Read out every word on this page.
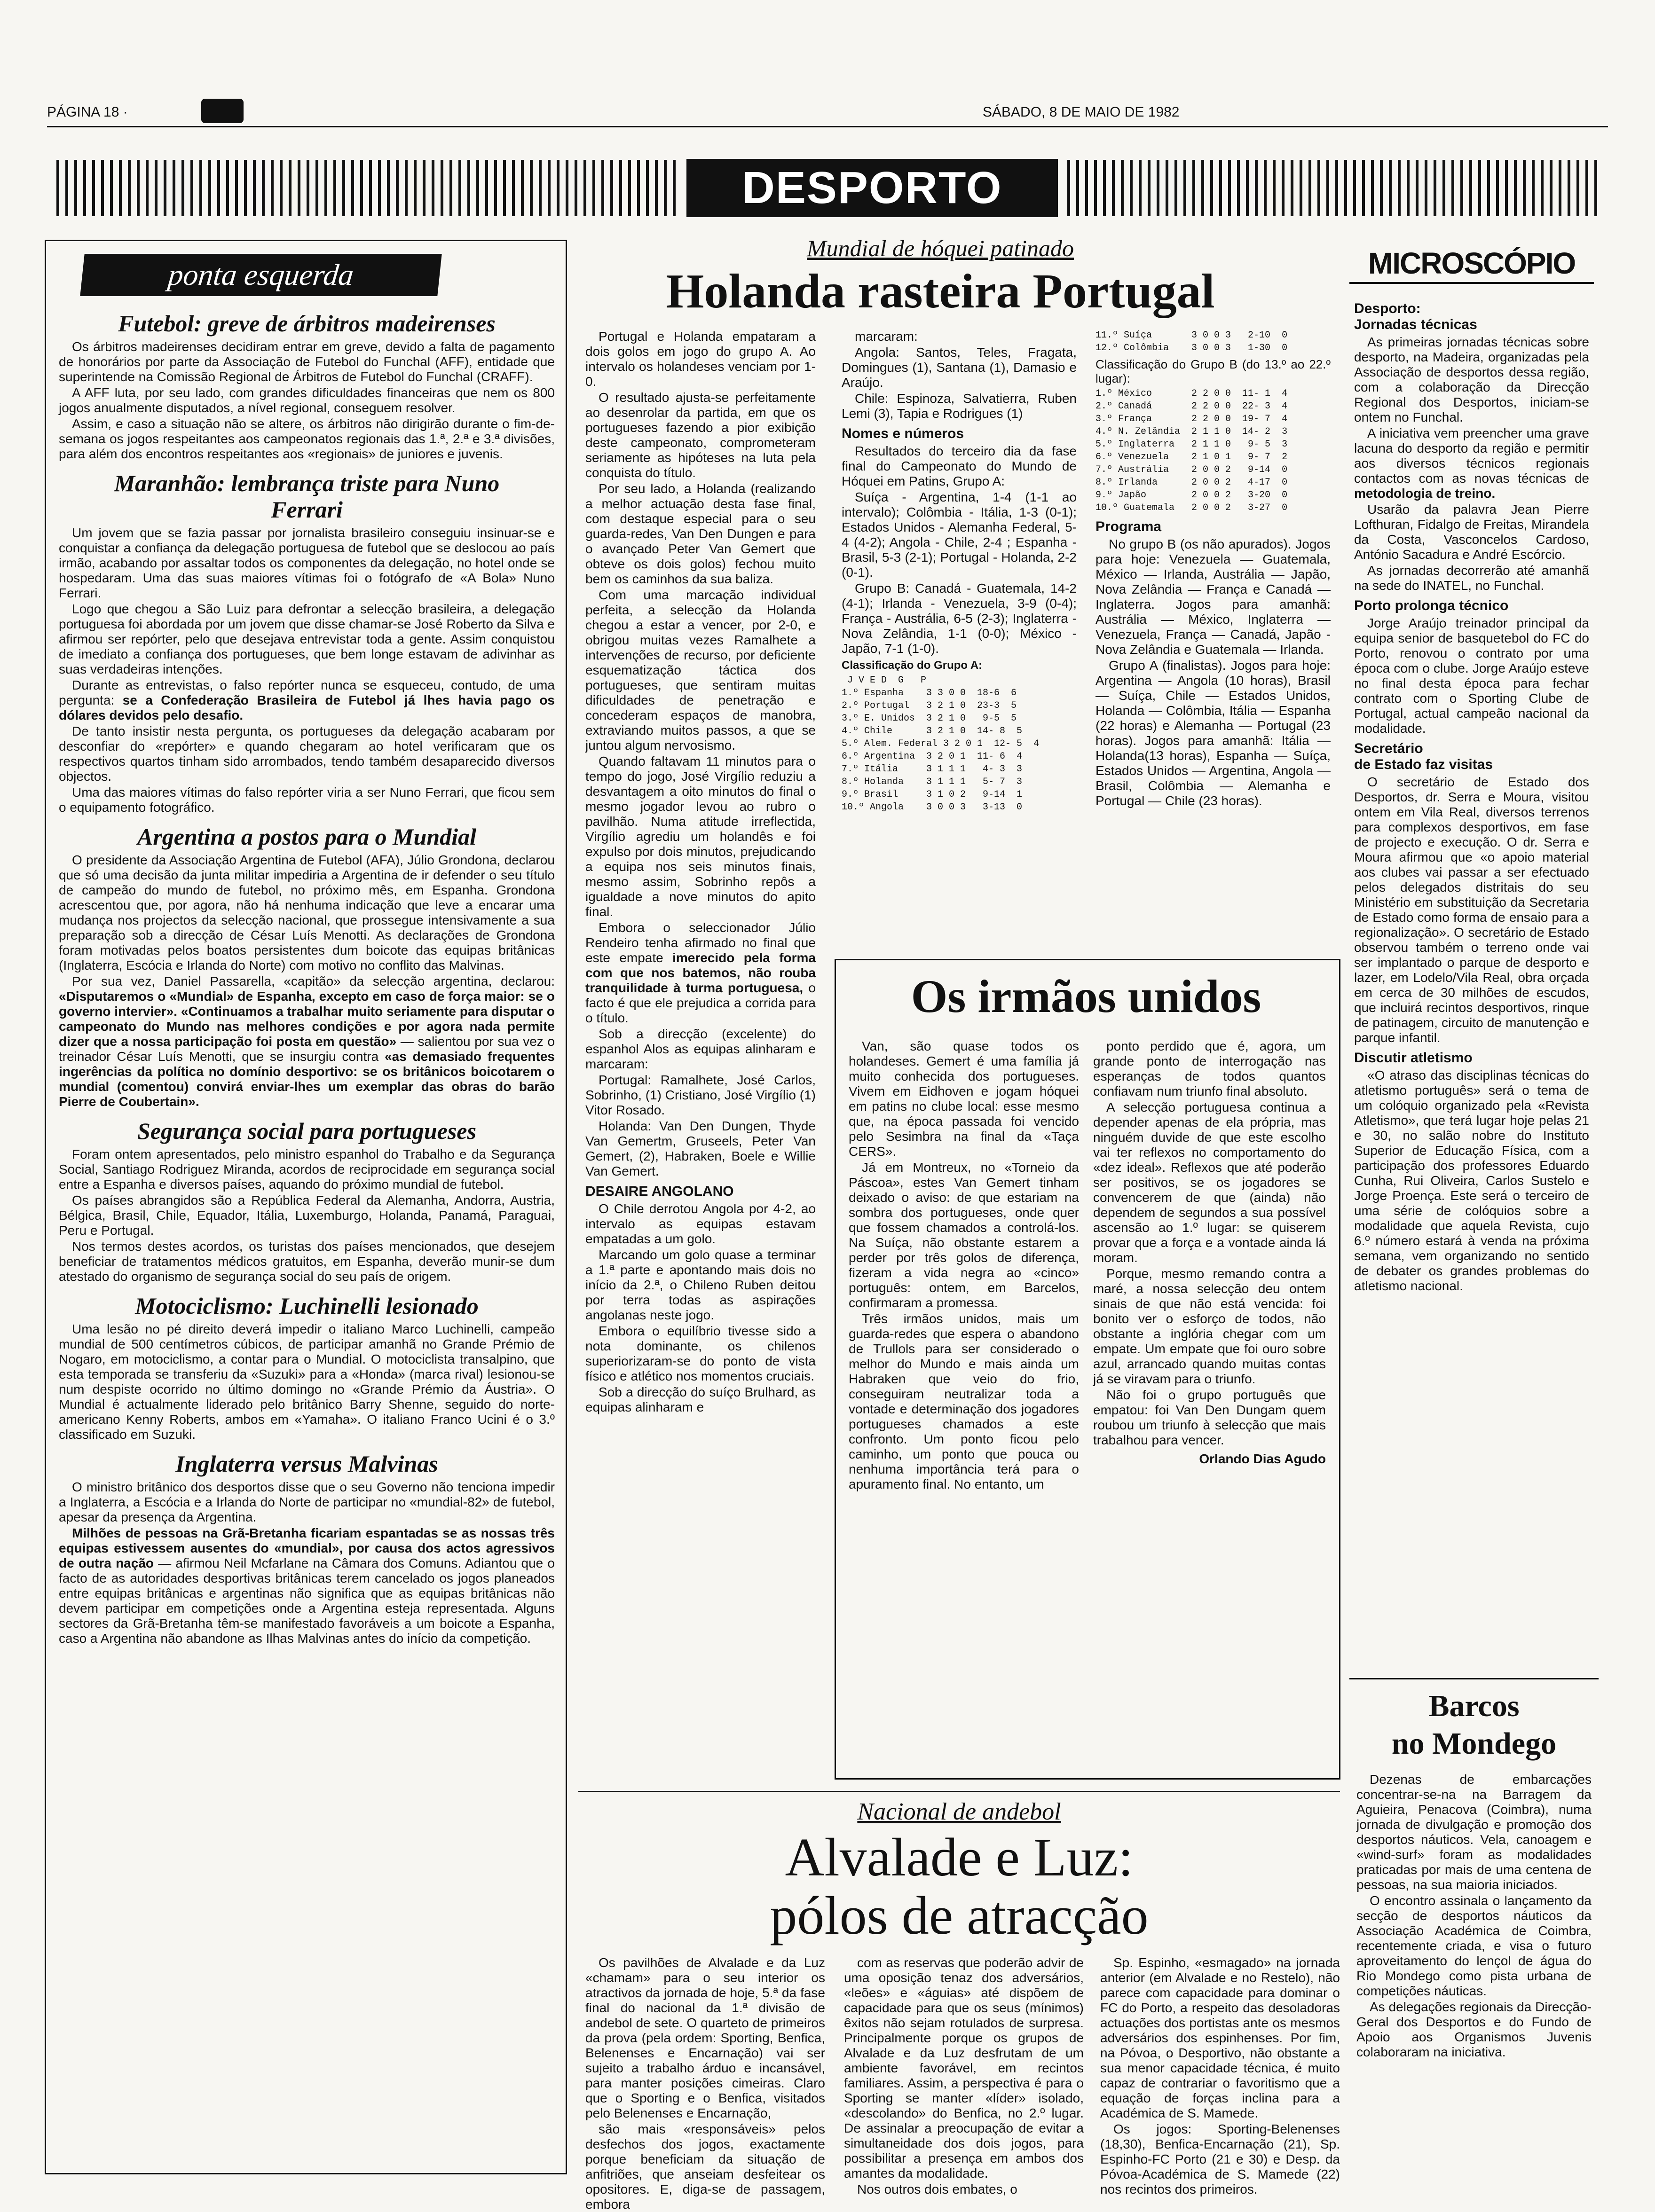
PÁGINA 18 ·	SÁBADO, 8 DE MAIO DE 1982
DESPORTO
ponta esquerda
Futebol: greve de árbitros madeirenses

Os árbitros madeirenses decidiram entrar em greve, devido a falta de pagamento de honorários por parte da Associação de Futebol do Funchal (AFF), entidade que superintende na Comissão Regional de Árbitros de Futebol do Funchal (CRAFF).

A AFF luta, por seu lado, com grandes dificuldades financeiras que nem os 800 jogos anualmente disputados, a nível regional, conseguem resolver.

Assim, e caso a situação não se altere, os árbitros não dirigirão durante o fim-de-semana os jogos respeitantes aos campeonatos regionais das 1.ª, 2.ª e 3.ª divisões, para além dos encontros respeitantes aos «regionais» de juniores e juvenis.

Maranhão: lembrança triste para Nuno Ferrari

Um jovem que se fazia passar por jornalista brasileiro conseguiu insinuar-se e conquistar a confiança da delegação portuguesa de futebol que se deslocou ao país irmão, acabando por assaltar todos os componentes da delegação, no hotel onde se hospedaram. Uma das suas maiores vítimas foi o fotógrafo de «A Bola» Nuno Ferrari.

Logo que chegou a São Luiz para defrontar a selecção brasileira, a delegação portuguesa foi abordada por um jovem que disse chamar-se José Roberto da Silva e afirmou ser repórter, pelo que desejava entrevistar toda a gente. Assim conquistou de imediato a confiança dos portugueses, que bem longe estavam de adivinhar as suas verdadeiras intenções.

Durante as entrevistas, o falso repórter nunca se esqueceu, contudo, de uma pergunta: se a Confederação Brasileira de Futebol já lhes havia pago os dólares devidos pelo desafio.

De tanto insistir nesta pergunta, os portugueses da delegação acabaram por desconfiar do «repórter» e quando chegaram ao hotel verificaram que os respectivos quartos tinham sido arrombados, tendo também desaparecido diversos objectos.

Uma das maiores vítimas do falso repórter viria a ser Nuno Ferrari, que ficou sem o equipamento fotográfico.

Argentina a postos para o Mundial

O presidente da Associação Argentina de Futebol (AFA), Júlio Grondona, declarou que só uma decisão da junta militar impediria a Argentina de ir defender o seu título de campeão do mundo de futebol, no próximo mês, em Espanha. Grondona acrescentou que, por agora, não há nenhuma indicação que leve a encarar uma mudança nos projectos da selecção nacional, que prossegue intensivamente a sua preparação sob a direcção de César Luís Menotti. As declarações de Grondona foram motivadas pelos boatos persistentes dum boicote das equipas britânicas (Inglaterra, Escócia e Irlanda do Norte) com motivo no conflito das Malvinas.

Por sua vez, Daniel Passarella, «capitão» da selecção argentina, declarou: «Disputaremos o «Mundial» de Espanha, excepto em caso de força maior: se o governo intervier». «Continuamos a trabalhar muito seriamente para disputar o campeonato do Mundo nas melhores condições e por agora nada permite dizer que a nossa participação foi posta em questão» — salientou por sua vez o treinador César Luís Menotti, que se insurgiu contra «as demasiado frequentes ingerências da política no domínio desportivo: se os britânicos boicotarem o mundial (comentou) convirá enviar-lhes um exemplar das obras do barão Pierre de Coubertain».

Segurança social para portugueses

Foram ontem apresentados, pelo ministro espanhol do Trabalho e da Segurança Social, Santiago Rodriguez Miranda, acordos de reciprocidade em segurança social entre a Espanha e diversos países, aquando do próximo mundial de futebol.

Os países abrangidos são a República Federal da Alemanha, Andorra, Austria, Bélgica, Brasil, Chile, Equador, Itália, Luxemburgo, Holanda, Panamá, Paraguai, Peru e Portugal.

Nos termos destes acordos, os turistas dos países mencionados, que desejem beneficiar de tratamentos médicos gratuitos, em Espanha, deverão munir-se dum atestado do organismo de segurança social do seu país de origem.

Motociclismo: Luchinelli lesionado

Uma lesão no pé direito deverá impedir o italiano Marco Luchinelli, campeão mundial de 500 centímetros cúbicos, de participar amanhã no Grande Prémio de Nogaro, em motociclismo, a contar para o Mundial. O motociclista transalpino, que esta temporada se transferiu da «Suzuki» para a «Honda» (marca rival) lesionou-se num despiste ocorrido no último domingo no «Grande Prémio da Áustria». O Mundial é actualmente liderado pelo britânico Barry Shenne, seguido do norte-americano Kenny Roberts, ambos em «Yamaha». O italiano Franco Ucini é o 3.º classificado em Suzuki.

Inglaterra versus Malvinas

O ministro britânico dos desportos disse que o seu Governo não tenciona impedir a Inglaterra, a Escócia e a Irlanda do Norte de participar no «mundial-82» de futebol, apesar da presença da Argentina.

Milhões de pessoas na Grã-Bretanha ficariam espantadas se as nossas três equipas estivessem ausentes do «mundial», por causa dos actos agressivos de outra nação — afirmou Neil Mcfarlane na Câmara dos Comuns. Adiantou que o facto de as autoridades desportivas britânicas terem cancelado os jogos planeados entre equipas britânicas e argentinas não significa que as equipas britânicas não devem participar em competições onde a Argentina esteja representada. Alguns sectores da Grã-Bretanha têm-se manifestado favoráveis a um boicote a Espanha, caso a Argentina não abandone as Ilhas Malvinas antes do início da competição.

Mundial de hóquei patinado
Holanda rasteira Portugal

Portugal e Holanda empataram a dois golos em jogo do grupo A. Ao intervalo os holandeses venciam por 1-0.

O resultado ajusta-se perfeitamente ao desenrolar da partida, em que os portugueses fazendo a pior exibição deste campeonato, comprometeram seriamente as hipóteses na luta pela conquista do título.

Por seu lado, a Holanda (realizando a melhor actuação desta fase final, com destaque especial para o seu guarda-redes, Van Den Dungen e para o avançado Peter Van Gemert que obteve os dois golos) fechou muito bem os caminhos da sua baliza.

Com uma marcação individual perfeita, a selecção da Holanda chegou a estar a vencer, por 2-0, e obrigou muitas vezes Ramalhete a intervenções de recurso, por deficiente esquematização táctica dos portugueses, que sentiram muitas dificuldades de penetração e concederam espaços de manobra, extraviando muitos passos, a que se juntou algum nervosismo.

Quando faltavam 11 minutos para o tempo do jogo, José Virgílio reduziu a desvantagem a oito minutos do final o mesmo jogador levou ao rubro o pavilhão. Numa atitude irreflectida, Virgílio agrediu um holandês e foi expulso por dois minutos, prejudicando a equipa nos seis minutos finais, mesmo assim, Sobrinho repôs a igualdade a nove minutos do apito final.

Embora o seleccionador Júlio Rendeiro tenha afirmado no final que este empate imerecido pela forma com que nos batemos, não rouba tranquilidade à turma portuguesa, o facto é que ele prejudica a corrida para o título.

Sob a direcção (excelente) do espanhol Alos as equipas alinharam e marcaram:

Portugal: Ramalhete, José Carlos, Sobrinho, (1) Cristiano, José Virgílio (1) Vitor Rosado.

Holanda: Van Den Dungen, Thyde Van Gemertm, Gruseels, Peter Van Gemert, (2), Habraken, Boele e Willie Van Gemert.

DESAIRE ANGOLANO

O Chile derrotou Angola por 4-2, ao intervalo as equipas estavam empatadas a um golo.

Marcando um golo quase a terminar a 1.ª parte e apontando mais dois no início da 2.ª, o Chileno Ruben deitou por terra todas as aspirações angolanas neste jogo.

Embora o equilíbrio tivesse sido a nota dominante, os chilenos superiorizaram-se do ponto de vista físico e atlético nos momentos cruciais.

Sob a direcção do suíço Brulhard, as equipas alinharam e

marcaram:

Angola: Santos, Teles, Fragata, Domingues (1), Santana (1), Damasio e Araújo.

Chile: Espinoza, Salvatierra, Ruben Lemi (3), Tapia e Rodrigues (1)

Nomes e números

Resultados do terceiro dia da fase final do Campeonato do Mundo de Hóquei em Patins, Grupo A:

Suíça - Argentina, 1-4 (1-1 ao intervalo); Colômbia - Itália, 1-3 (0-1); Estados Unidos - Alemanha Federal, 5-4 (4-2); Angola - Chile, 2-4 ; Espanha - Brasil, 5-3 (2-1); Portugal - Holanda, 2-2 (0-1).

Grupo B: Canadá - Guatemala, 14-2 (4-1); Irlanda - Venezuela, 3-9 (0-4); França - Austrália, 6-5 (2-3); Inglaterra - Nova Zelândia, 1-1 (0-0); México - Japão, 7-1 (1-0).

Classificação do Grupo A:
J V E D  G   P
1.º Espanha    3 3 0 0  18-6  6
2.º Portugal   3 2 1 0  23-3  5
3.º E. Unidos  3 2 1 0   9-5  5
4.º Chile      3 2 1 0  14- 8  5
5.º Alem. Federal 3 2 0 1  12- 5  4
6.º Argentina  3 2 0 1  11- 6  4
7.º Itália     3 1 1 1   4- 3  3
8.º Holanda    3 1 1 1   5- 7  3
9.º Brasil     3 1 0 2   9-14  1
10.º Angola    3 0 0 3   3-13  0
11.º Suíça       3 0 0 3   2-10  0
12.º Colômbia    3 0 0 3   1-30  0
Classificação do Grupo B (do 13.º ao 22.º lugar):
1.º México       2 2 0 0  11- 1  4
2.º Canadá       2 2 0 0  22- 3  4
3.º França       2 2 0 0  19- 7  4
4.º N. Zelândia  2 1 1 0  14- 2  3
5.º Inglaterra   2 1 1 0   9- 5  3
6.º Venezuela    2 1 0 1   9- 7  2
7.º Austrália    2 0 0 2   9-14  0
8.º Irlanda      2 0 0 2   4-17  0
9.º Japão        2 0 0 2   3-20  0
10.º Guatemala   2 0 0 2   3-27  0
Programa

No grupo B (os não apurados). Jogos para hoje: Venezuela — Guatemala, México — Irlanda, Austrália — Japão, Nova Zelândia — França e Canadá — Inglaterra. Jogos para amanhã: Austrália — México, Inglaterra — Venezuela, França — Canadá, Japão - Nova Zelândia e Guatemala — Irlanda.

Grupo A (finalistas). Jogos para hoje: Argentina — Angola (10 horas), Brasil — Suíça, Chile — Estados Unidos, Holanda — Colômbia, Itália — Espanha (22 horas) e Alemanha — Portugal (23 horas). Jogos para amanhã: Itália — Holanda(13 horas), Espanha — Suíça, Estados Unidos — Argentina, Angola — Brasil, Colômbia — Alemanha e Portugal — Chile (23 horas).

Os irmãos unidos

Van, são quase todos os holandeses. Gemert é uma família já muito conhecida dos portugueses. Vivem em Eidhoven e jogam hóquei em patins no clube local: esse mesmo que, na época passada foi vencido pelo Sesimbra na final da «Taça CERS».

Já em Montreux, no «Torneio da Páscoa», estes Van Gemert tinham deixado o aviso: de que estariam na sombra dos portugueses, onde quer que fossem chamados a controlá-los. Na Suíça, não obstante estarem a perder por três golos de diferença, fizeram a vida negra ao «cinco» português: ontem, em Barcelos, confirmaram a promessa.

Três irmãos unidos, mais um guarda-redes que espera o abandono de Trullols para ser considerado o melhor do Mundo e mais ainda um Habraken que veio do frio, conseguiram neutralizar toda a vontade e determinação dos jogadores portugueses chamados a este confronto. Um ponto ficou pelo caminho, um ponto que pouca ou nenhuma importância terá para o apuramento final. No entanto, um

ponto perdido que é, agora, um grande ponto de interrogação nas esperanças de todos quantos confiavam num triunfo final absoluto.

A selecção portuguesa continua a depender apenas de ela própria, mas ninguém duvide de que este escolho vai ter reflexos no comportamento do «dez ideal». Reflexos que até poderão ser positivos, se os jogadores se convencerem de que (ainda) não dependem de segundos a sua possível ascensão ao 1.º lugar: se quiserem provar que a força e a vontade ainda lá moram.

Porque, mesmo remando contra a maré, a nossa selecção deu ontem sinais de que não está vencida: foi bonito ver o esforço de todos, não obstante a inglória chegar com um empate. Um empate que foi ouro sobre azul, arrancado quando muitas contas já se viravam para o triunfo.

Não foi o grupo português que empatou: foi Van Den Dungam quem roubou um triunfo à selecção que mais trabalhou para vencer.

Orlando Dias Agudo
MICROSCÓPIO
Desporto:
Jornadas técnicas

As primeiras jornadas técnicas sobre desporto, na Madeira, organizadas pela Associação de desportos dessa região, com a colaboração da Direcção Regional dos Desportos, iniciam-se ontem no Funchal.

A iniciativa vem preencher uma grave lacuna do desporto da região e permitir aos diversos técnicos regionais contactos com as novas técnicas de metodologia de treino.

Usarão da palavra Jean Pierre Lofthuran, Fidalgo de Freitas, Mirandela da Costa, Vasconcelos Cardoso, António Sacadura e André Escórcio.

As jornadas decorrerão até amanhã na sede do INATEL, no Funchal.

Porto prolonga técnico

Jorge Araújo treinador principal da equipa senior de basquetebol do FC do Porto, renovou o contrato por uma época com o clube. Jorge Araújo esteve no final desta época para fechar contrato com o Sporting Clube de Portugal, actual campeão nacional da modalidade.

Secretário
de Estado faz visitas

O secretário de Estado dos Desportos, dr. Serra e Moura, visitou ontem em Vila Real, diversos terrenos para complexos desportivos, em fase de projecto e execução. O dr. Serra e Moura afirmou que «o apoio material aos clubes vai passar a ser efectuado pelos delegados distritais do seu Ministério em substituição da Secretaria de Estado como forma de ensaio para a regionalização». O secretário de Estado observou também o terreno onde vai ser implantado o parque de desporto e lazer, em Lodelo/Vila Real, obra orçada em cerca de 30 milhões de escudos, que incluirá recintos desportivos, rinque de patinagem, circuito de manutenção e parque infantil.

Discutir atletismo

«O atraso das disciplinas técnicas do atletismo português» será o tema de um colóquio organizado pela «Revista Atletismo», que terá lugar hoje pelas 21 e 30, no salão nobre do Instituto Superior de Educação Física, com a participação dos professores Eduardo Cunha, Rui Oliveira, Carlos Sustelo e Jorge Proença. Este será o terceiro de uma série de colóquios sobre a modalidade que aquela Revista, cujo 6.º número estará à venda na próxima semana, vem organizando no sentido de debater os grandes problemas do atletismo nacional.

Nacional de andebol
Alvalade e Luz:
pólos de atracção

Os pavilhões de Alvalade e da Luz «chamam» para o seu interior os atractivos da jornada de hoje, 5.ª da fase final do nacional da 1.ª divisão de andebol de sete. O quarteto de primeiros da prova (pela ordem: Sporting, Benfica, Belenenses e Encarnação) vai ser sujeito a trabalho árduo e incansável, para manter posições cimeiras. Claro que o Sporting e o Benfica, visitados pelo Belenenses e Encarnação,

são mais «responsáveis» pelos desfechos dos jogos, exactamente porque beneficiam da situação de anfitriões, que anseiam desfeitear os opositores. E, diga-se de passagem, embora

com as reservas que poderão advir de uma oposição tenaz dos adversários, «leões» e «águias» até dispõem de capacidade para que os seus (mínimos) êxitos não sejam rotulados de surpresa. Principalmente porque os grupos de Alvalade e da Luz desfrutam de um ambiente favorável, em recintos familiares. Assim, a perspectiva é para o Sporting se manter «líder» isolado, «descolando» do Benfica, no 2.º lugar. De assinalar a preocupação de evitar a simultaneidade dos dois jogos, para possibilitar a presença em ambos dos amantes da modalidade.

Nos outros dois embates, o

Sp. Espinho, «esmagado» na jornada anterior (em Alvalade e no Restelo), não parece com capacidade para dominar o FC do Porto, a respeito das desoladoras actuações dos portistas ante os mesmos adversários dos espinhenses. Por fim, na Póvoa, o Desportivo, não obstante a sua menor capacidade técnica, é muito capaz de contrariar o favoritismo que a equação de forças inclina para a Académica de S. Mamede.

Os jogos: Sporting-Belenenses (18,30), Benfica-Encarnação (21), Sp. Espinho-FC Porto (21 e 30) e Desp. da Póvoa-Académica de S. Mamede (22) nos recintos dos primeiros.

Barcos
no Mondego

Dezenas de embarcações concentrar-se-na na Barragem da Aguieira, Penacova (Coimbra), numa jornada de divulgação e promoção dos desportos náuticos. Vela, canoagem e «wind-surf» foram as modalidades praticadas por mais de uma centena de pessoas, na sua maioria iniciados.

O encontro assinala o lançamento da secção de desportos náuticos da Associação Académica de Coimbra, recentemente criada, e visa o futuro aproveitamento do lençol de água do Rio Mondego como pista urbana de competições náuticas.

As delegações regionais da Direcção-Geral dos Desportos e do Fundo de Apoio aos Organismos Juvenis colaboraram na iniciativa.
